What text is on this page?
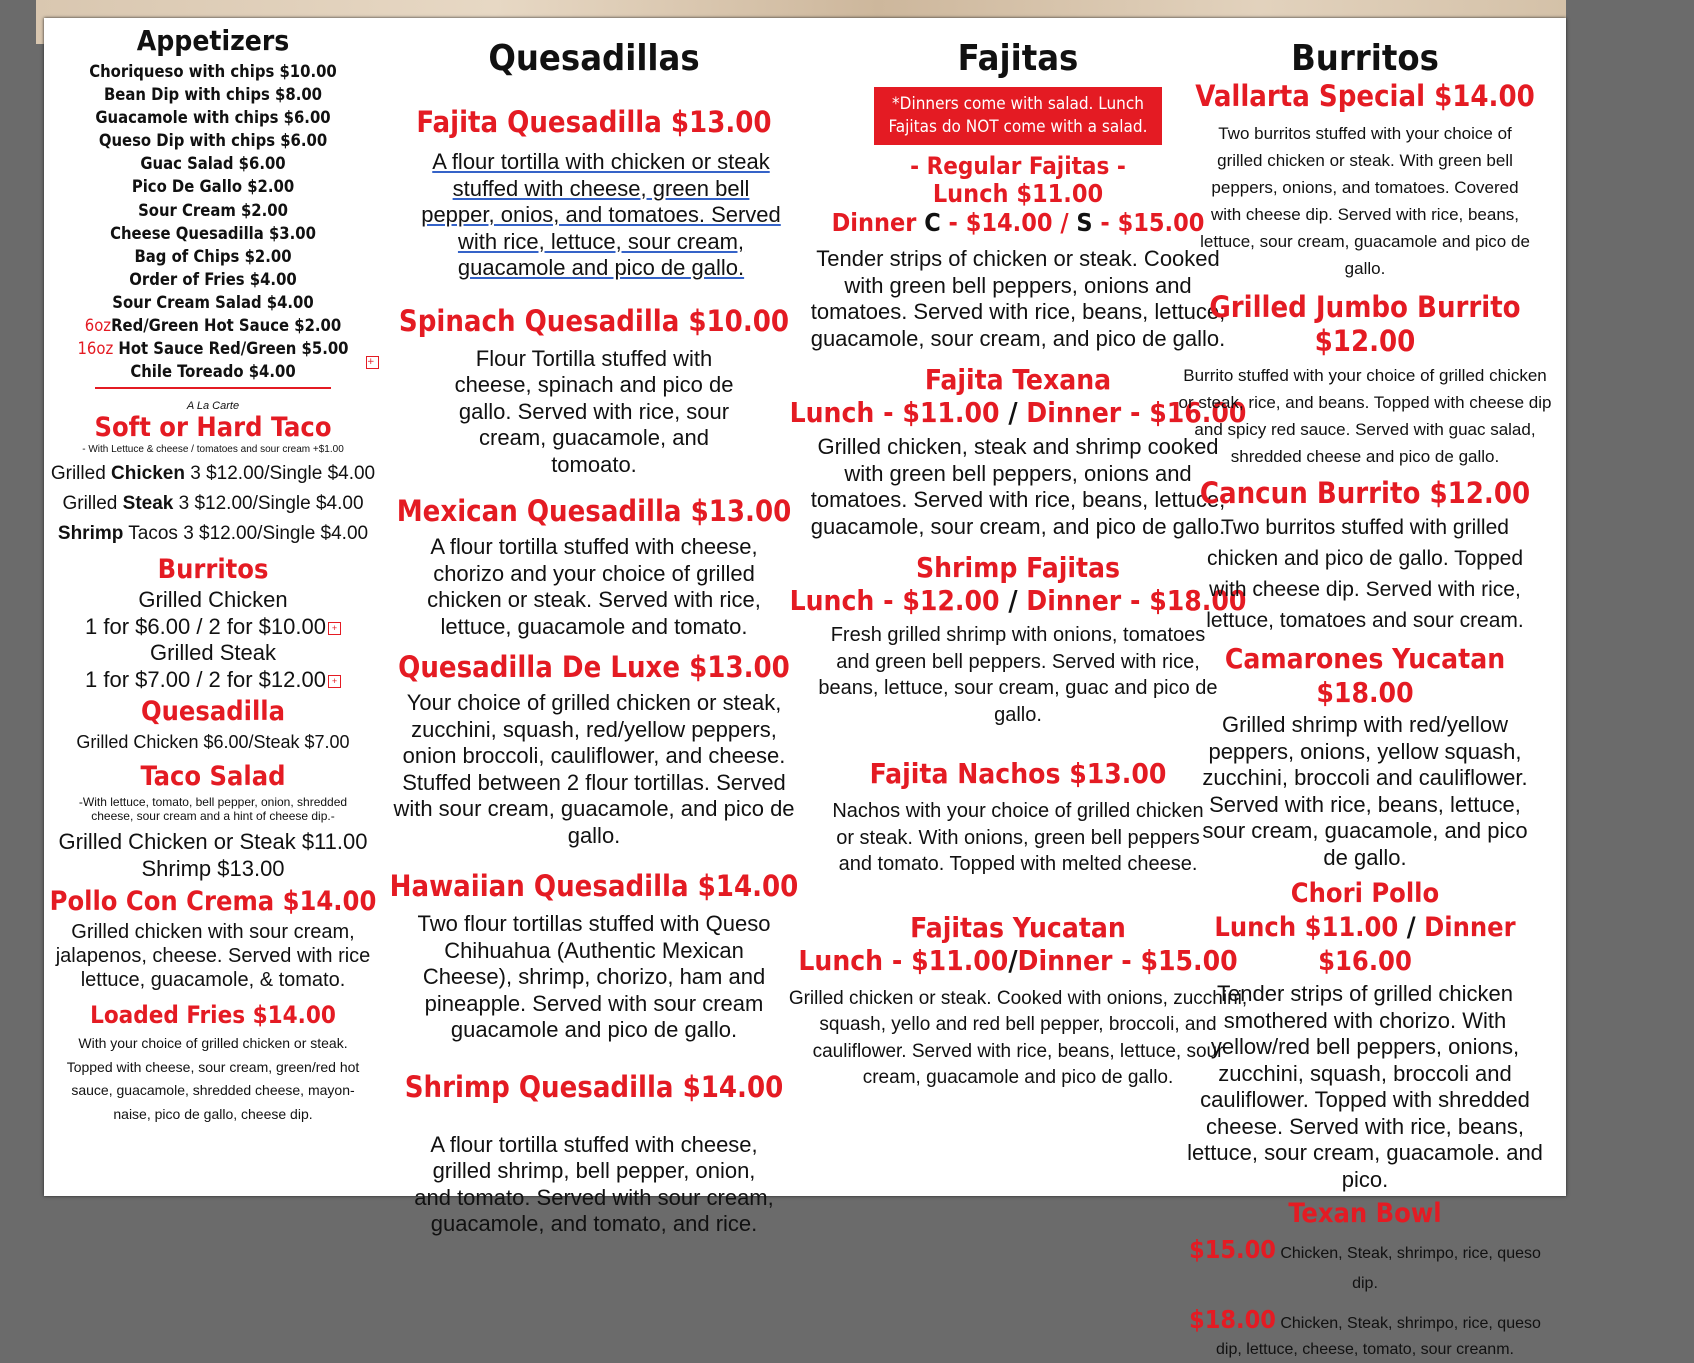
Appetizers
Choriqueso with chips $10.00
Bean Dip with chips $8.00
Guacamole with chips $6.00
Queso Dip with chips $6.00
Guac Salad $6.00
Pico De Gallo $2.00
Sour Cream $2.00
Cheese Quesadilla $3.00
Bag of Chips $2.00
Order of Fries $4.00
Sour Cream Salad $4.00
6ozRed/Green Hot Sauce $2.00
16oz Hot Sauce Red/Green $5.00
Chile Toreado $4.00
A La Carte
Soft or Hard Taco
- With Lettuce & cheese / tomatoes and sour cream +$1.00
Grilled Chicken 3 $12.00/Single $4.00
Grilled Steak 3 $12.00/Single $4.00
Shrimp Tacos 3 $12.00/Single $4.00
Burritos
Grilled Chicken
1 for $6.00 / 2 for $10.00 +
Grilled Steak
1 for $7.00 / 2 for $12.00 +
Quesadilla
Grilled Chicken $6.00/Steak $7.00
Taco Salad
-With lettuce, tomato, bell pepper, onion, shredded cheese, sour cream and a hint of cheese dip.-
Grilled Chicken or Steak $11.00
Shrimp $13.00
Pollo Con Crema $14.00
Grilled chicken with sour cream, jalapenos, cheese. Served with rice lettuce, guacamole, & tomato.
Loaded Fries $14.00
With your choice of grilled chicken or steak. Topped with cheese, sour cream, green/red hot sauce, guacamole, shredded cheese, mayon- naise, pico de gallo, cheese dip.
+
Quesadillas
Fajita Quesadilla $13.00
A flour tortilla with chicken or steak stuffed with cheese, green bell pepper, onios, and tomatoes. Served with rice, lettuce, sour cream, guacamole and pico de gallo.
Spinach Quesadilla $10.00
Flour Tortilla stuffed with cheese, spinach and pico de gallo. Served with rice, sour cream, guacamole, and tomoato.
Mexican Quesadilla $13.00
A flour tortilla stuffed with cheese, chorizo and your choice of grilled chicken or steak. Served with rice, lettuce, guacamole and tomato.
Quesadilla De Luxe $13.00
Your choice of grilled chicken or steak, zucchini, squash, red/yellow peppers, onion broccoli, cauliflower, and cheese. Stuffed between 2 flour tortillas. Served with sour cream, guacamole, and pico de gallo.
Hawaiian Quesadilla $14.00
Two flour tortillas stuffed with Queso Chihuahua (Authentic Mexican Cheese), shrimp, chorizo, ham and pineapple. Served with sour cream guacamole and pico de gallo.
Shrimp Quesadilla $14.00
A flour tortilla stuffed with cheese, grilled shrimp, bell pepper, onion, and tomato. Served with sour cream, guacamole, and tomato, and rice.
Fajitas
*Dinners come with salad. Lunch Fajitas do NOT come with a salad.
- Regular Fajitas -
Lunch $11.00
Dinner C - $14.00 / S - $15.00
Tender strips of chicken or steak. Cooked with green bell peppers, onions and tomatoes. Served with rice, beans, lettuce, guacamole, sour cream, and pico de gallo.
Fajita Texana
Lunch - $11.00 / Dinner - $16.00
Grilled chicken, steak and shrimp cooked with green bell peppers, onions and tomatoes. Served with rice, beans, lettuce, guacamole, sour cream, and pico de gallo.
Shrimp Fajitas
Lunch - $12.00 / Dinner - $18.00
Fresh grilled shrimp with onions, tomatoes and green bell peppers. Served with rice, beans, lettuce, sour cream, guac and pico de gallo.
Fajita Nachos $13.00
Nachos with your choice of grilled chicken or steak. With onions, green bell peppers and tomato. Topped with melted cheese.
Fajitas Yucatan
Lunch - $11.00/Dinner - $15.00
Grilled chicken or steak. Cooked with onions, zucchini, squash, yello and red bell pepper, broccoli, and cauliflower. Served with rice, beans, lettuce, sour cream, guacamole and pico de gallo.
Burritos
Vallarta Special $14.00
Two burritos stuffed with your choice of grilled chicken or steak. With green bell peppers, onions, and tomatoes. Covered with cheese dip. Served with rice, beans, lettuce, sour cream, guacamole and pico de gallo.
Grilled Jumbo Burrito $12.00
Burrito stuffed with your choice of grilled chicken or steak, rice, and beans. Topped with cheese dip and spicy red sauce. Served with guac salad, shredded cheese and pico de gallo.
Cancun Burrito $12.00
Two burritos stuffed with grilled chicken and pico de gallo. Topped with cheese dip. Served with rice, lettuce, tomatoes and sour cream.
Camarones Yucatan $18.00
Grilled shrimp with red/yellow peppers, onions, yellow squash, zucchini, broccoli and cauliflower. Served with rice, beans, lettuce, sour cream, guacamole, and pico de gallo.
Chori Pollo
Lunch $11.00 / Dinner $16.00
Tender strips of grilled chicken smothered with chorizo. With yellow/red bell peppers, onions, zucchini, squash, broccoli and cauliflower. Topped with shredded cheese. Served with rice, beans, lettuce, sour cream, guacamole. and pico.
Texan Bowl
$15.00 Chicken, Steak, shrimpo, rice, queso dip.
$18.00 Chicken, Steak, shrimpo, rice, queso dip, lettuce, cheese, tomato, sour creanm.
